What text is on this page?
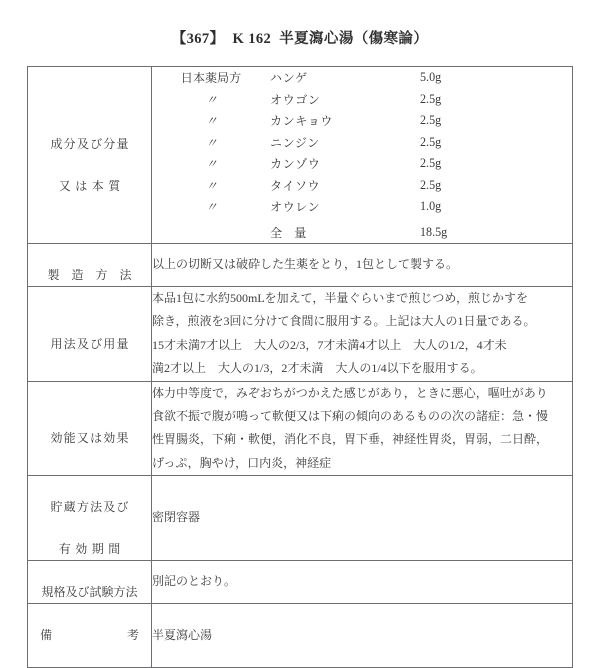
【367】  K 162  半夏瀉心湯（傷寒論）

成分及び分量

又は本質

日本薬局方	ハンゲ	5.0g	
〃	オウゴン	2.5g	
〃	カンキョウ	2.5g	
〃	ニンジン	2.5g	
〃	カンゾウ	2.5g	
〃	タイソウ	2.5g	
〃	オウレン	1.0g	
	全　量	18.5g	

製 造 方 法
	以上の切断又は破砕した生薬をとり，1包として製する。

用法及び用量

本品1包に水約500mLを加えて，半量ぐらいまで煎じつめ，煎じかすを
除き，煎液を3回に分けて食間に服用する。上記は大人の1日量である。
15才未満7才以上　大人の2/3，7才未満4才以上　大人の1/2，4才未
満2才以上　大人の1/3，2才未満　大人の1/4以下を服用する。

効能又は効果

体力中等度で，みぞおちがつかえた感じがあり，ときに悪心，嘔吐があり
食欲不振で腹が鳴って軟便又は下痢の傾向のあるものの次の諸症：急・慢
性胃腸炎，下痢・軟便，消化不良，胃下垂，神経性胃炎，胃弱，二日酔，
げっぷ，胸やけ，口内炎，神経症

貯蔵方法及び

有効期間
	密閉容器

規格及び試験方法
	別記のとおり。

備	考	半夏瀉心湯
